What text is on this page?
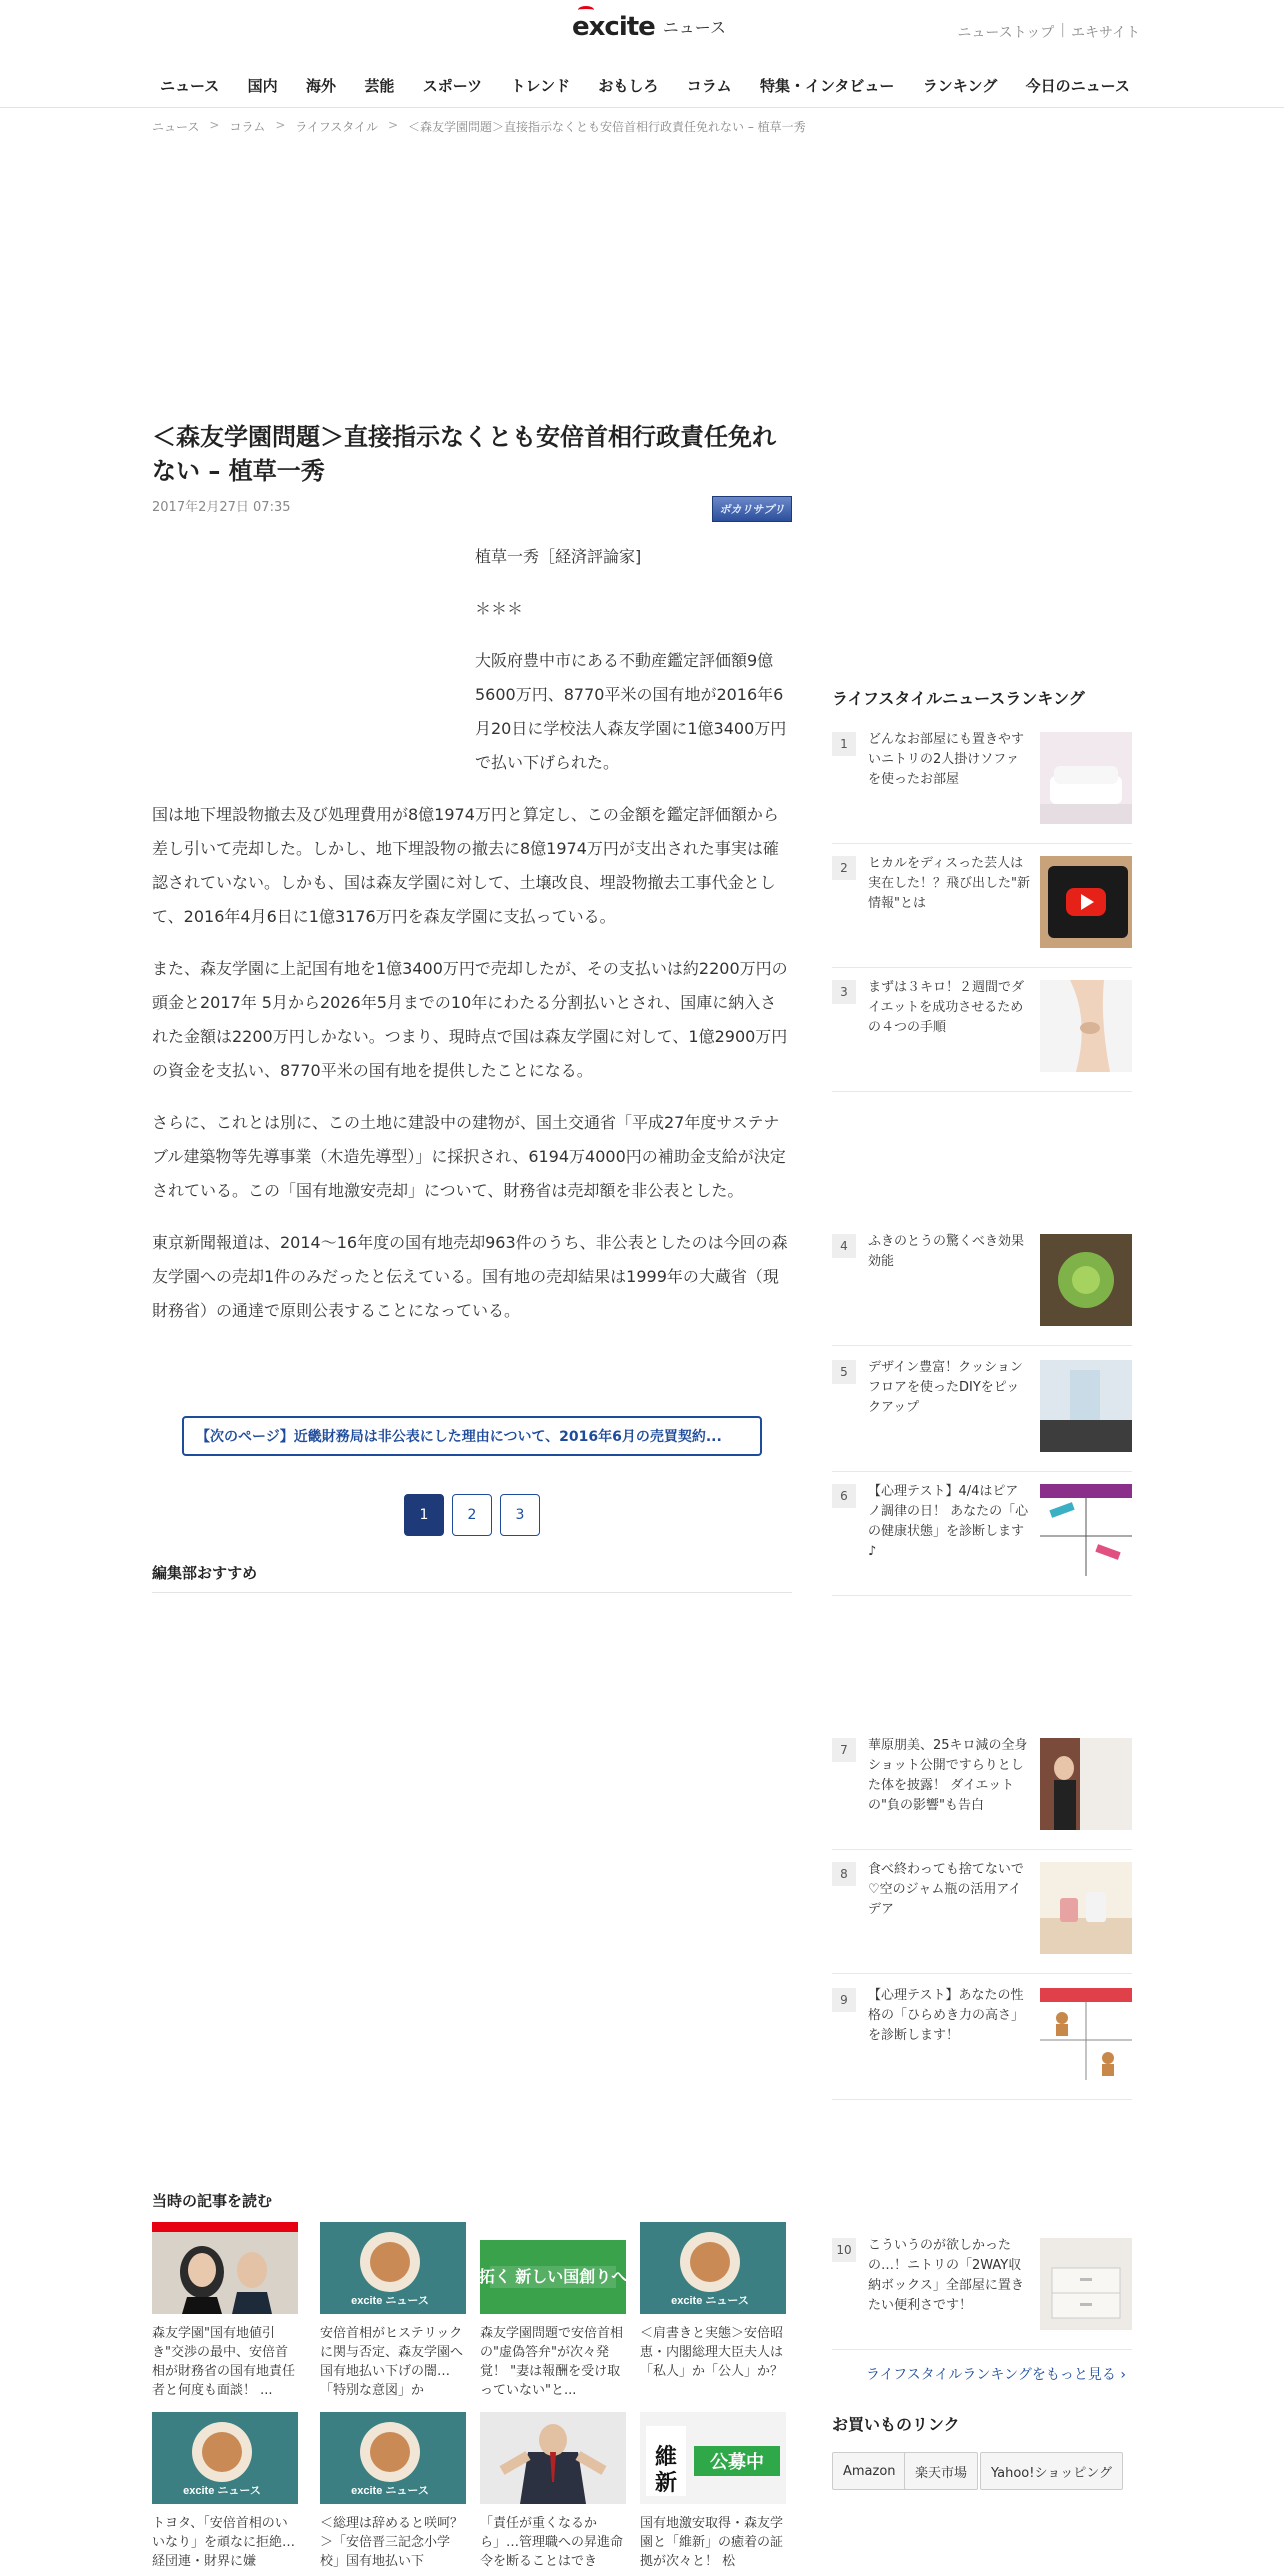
excite ニュース	ニューストップ | エキサイト
ニュース 国内 海外 芸能 スポーツ トレンド おもしろ コラム 特集・インタビュー ランキング 今日のニュース
ニュース > コラム > ライフスタイル > ＜森友学園問題＞直接指示なくとも安倍首相行政責任免れない – 植草一秀
＜森友学園問題＞直接指示なくとも安倍首相行政責任免れない – 植草一秀
2017年2月27日 07:35	ポカリサプリ

植草一秀［経済評論家]

＊＊＊

大阪府豊中市にある不動産鑑定評価額9億5600万円、8770平米の国有地が2016年6月20日に学校法人森友学園に1億3400万円で払い下げられた。

国は地下埋設物撤去及び処理費用が8億1974万円と算定し、この金額を鑑定評価額から差し引いて売却した。しかし、地下埋設物の撤去に8億1974万円が支出された事実は確認されていない。しかも、国は森友学園に対して、土壌改良、埋設物撤去工事代金として、2016年4月6日に1億3176万円を森友学園に支払っている。

また、森友学園に上記国有地を1億3400万円で売却したが、その支払いは約2200万円の頭金と2017年 5月から2026年5月までの10年にわたる分割払いとされ、国庫に納入された金額は2200万円しかない。つまり、現時点で国は森友学園に対して、1億2900万円の資金を支払い、8770平米の国有地を提供したことになる。

さらに、これとは別に、この土地に建設中の建物が、国土交通省「平成27年度サステナブル建築物等先導事業（木造先導型）」に採択され、6194万4000円の補助金支給が決定されている。この「国有地激安売却」について、財務省は売却額を非公表とした。

東京新聞報道は、2014～16年度の国有地売却963件のうち、非公表としたのは今回の森友学園への売却1件のみだったと伝えている。国有地の売却結果は1999年の大蔵省（現財務省）の通達で原則公表することになっている。

【次のページ】近畿財務局は非公表にした理由について、2016年6月の売買契約...
1	2	3
編集部おすすめ
当時の記事を読む
森友学園"国有地値引き"交渉の最中、安倍首相が財務省の国有地責任者と何度も面談！ ...
excite ニュース
安倍首相がヒステリックに関与否定、森友学園へ国有地払い下げの闇…「特別な意図」か
拓く 新しい国創りへ
森友学園問題で安倍首相の"虚偽答弁"が次々発覚！ "妻は報酬を受け取っていない"と...
excite ニュース
＜肩書きと実態＞安倍昭恵・内閣総理大臣夫人は「私人」か「公人」か？
excite ニュース
トヨタ、「安倍首相のいいなり」を頑なに拒絶…経団連・財界に嫌
excite ニュース
＜総理は辞めると咲呵？＞「安倍晋三記念小学校」国有地払い下
「責任が重くなるから」…管理職への昇進命令を断ることはでき
維
新
公募中
国有地激安取得・森友学園と「維新」の癒着の証拠が次々と！ 松
ライフスタイルニュースランキング
1	どんなお部屋にも置きやすいニトリの2人掛けソファを使ったお部屋
2	ヒカルをディスった芸人は実在した！？飛び出した"新情報"とは
3	まずは３キロ！２週間でダイエットを成功させるための４つの手順
4	ふきのとうの驚くべき効果効能
5	デザイン豊富！クッションフロアを使ったDIYをピックアップ
6	【心理テスト】4/4はピアノ調律の日！ あなたの「心の健康状態」を診断します♪
7	華原朋美、25キロ減の全身ショット公開ですらりとした体を披露！ ダイエットの"負の影響"も告白
8	食べ終わっても捨てないで♡空のジャム瓶の活用アイデア
9	【心理テスト】あなたの性格の「ひらめき力の高さ」を診断します！
10	こういうのが欲しかったの…！ニトリの「2WAY収納ボックス」全部屋に置きたい便利さです！
ライフスタイルランキングをもっと見る ›
お買いものリンク
Amazon	楽天市場	Yahoo!ショッピング
